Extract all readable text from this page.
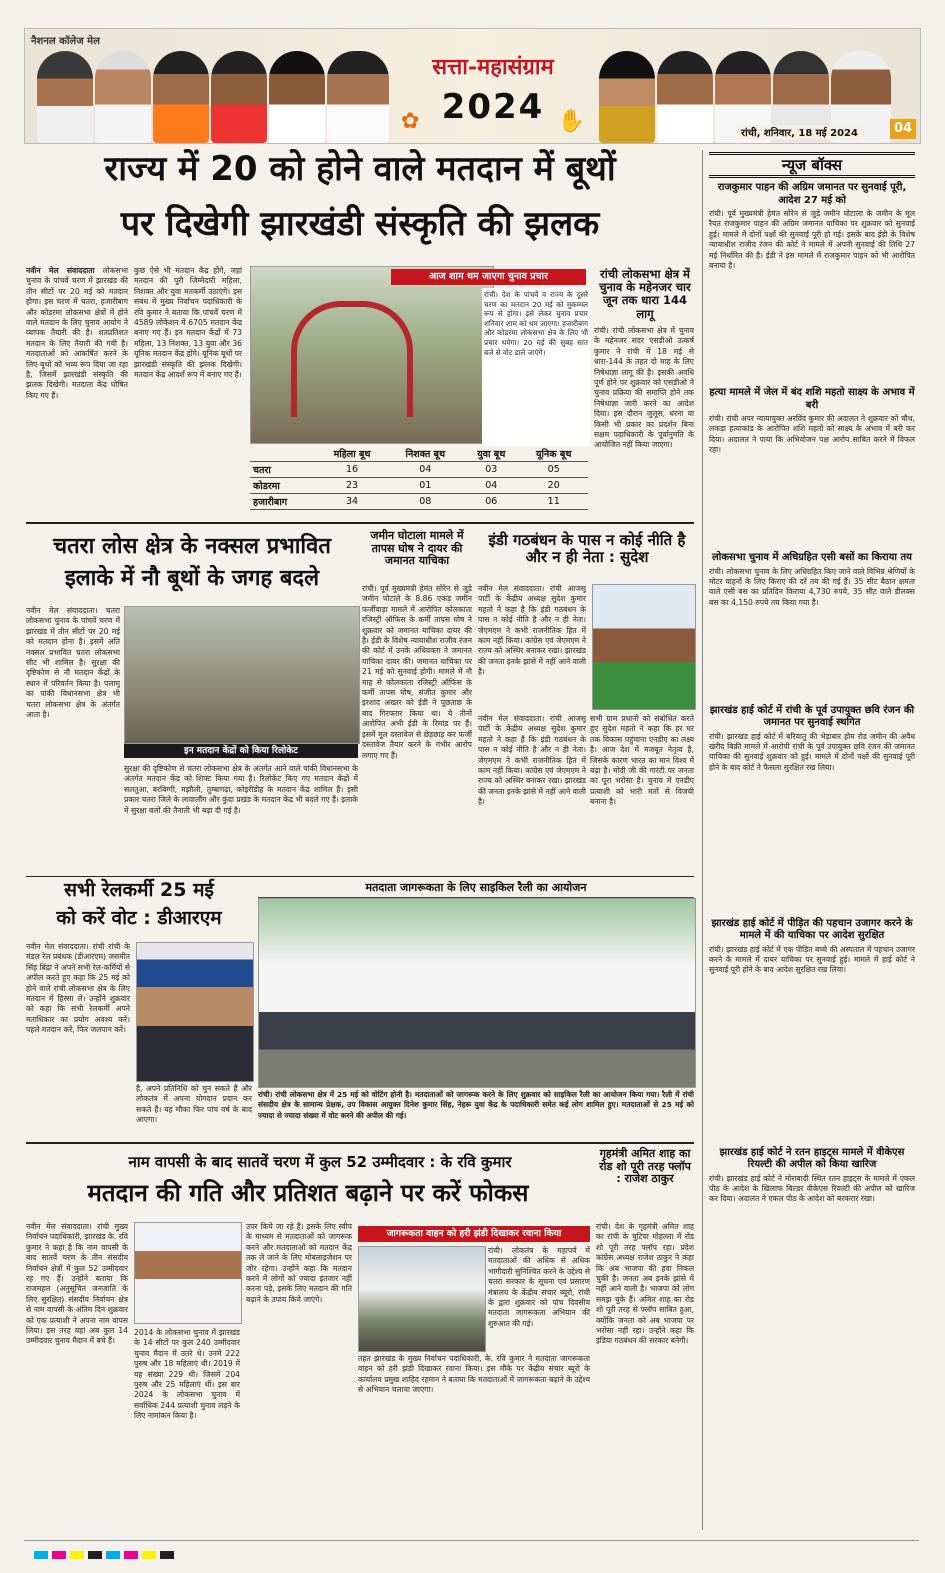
नैशनल कॉलेज मेल
सत्ता-महासंग्राम
2024
✿	✋	रांची, शनिवार, 18 मई 2024	04
राज्य में 20 को होने वाले मतदान में बूथों
पर दिखेगी झारखंडी संस्कृति की झलक
नवीन मेल संवाददाता लोकसभा चुनाव के पांचवें चरण में झारखंड की तीन सीटों पर 20 मई को मतदान होगा। इस चरण में चतरा, हजारीबाग और कोडरमा लोकसभा क्षेत्रों में होने वाले मतदान के लिए चुनाव आयोग ने व्यापक तैयारी की है। शतप्रतिशत मतदान के लिए तैयारी की गयी है। मतदाताओं को आकर्षित करने के लिए बूथों को भव्य रूप दिया जा रहा है, जिसमें झारखंडी संस्कृति की झलक दिखेगी। मतदाता केंद्र घोषित किए गए हैं।
कुछ ऐसे भी मतदान केंद्र होंगे, जहां मतदान की पूरी जिम्मेदारी महिला, निशक्त और युवा मतकर्मी उठाएंगे। इस संबंध में मुख्य निर्वाचन पदाधिकारी के रवि कुमार ने बताया कि पांचवें चरण में 4589 लोकेशन में 6705 मतदान केंद्र बनाए गए हैं। इन मतदान केंद्रों में 73 महिला, 13 निशक्त, 13 युवा और 36 यूनिक मतदान केंद्र होंगे। यूनिक बूथों पर झारखंडी संस्कृति की झलक दिखेगी। मतदान केंद्र आदर्श रूप में बनाए गए हैं।
आज शाम थम जाएगा चुनाव प्रचार
रांची। देश के पांचवें व राज्य के दूसरे चरण का मतदान 20 मई को मुकम्मल रूप से होगा। इसे लेकर चुनाव प्रचार शनिवार शाम को थम जाएगा। हजारीबाग और कोडरमा लोकसभा क्षेत्र के लिए भी प्रचार थमेगा। 20 मई की सुबह सात बजे से वोट डाले जाएंगे।
	महिला बूथ	निशक्त बूथ	युवा बूथ	यूनिक बूथ
चतरा	16	04	03	05
कोडरमा	23	01	04	20
हजारीबाग	34	08	06	11
रांची लोकसभा क्षेत्र में चुनाव के महेनजर चार जून तक धारा 144 लागू
रांची। रांची लोकसभा क्षेत्र में चुनाव के महेनजर सदर एसडीओ उत्कर्ष कुमार ने रांची में 18 मई से धारा-144 के तहत दो माह के लिए निषेधाज्ञा लागू की है। इसकी अवधि पूर्ण होने पर शुक्रवार को एसडीओ ने चुनाव प्रक्रिया की समाप्ति होने तक निषेधाज्ञा जारी करने का आदेश दिया। इस दौरान जुलूस, धरना या किसी भी प्रकार का प्रदर्शन बिना सक्षम पदाधिकारी के पूर्वानुमति के आयोजित नहीं किया जाएगा।
चतरा लोस क्षेत्र के नक्सल प्रभावित
इलाके में नौ बूथों के जगह बदले
नवीन मेल संवाददाता। चतरा लोकसभा चुनाव के पांचवें चरण में झारखंड में तीन सीटों पर 20 मई को मतदान होना है। इसमें अति नक्सल प्रभावित चतरा लोकसभा सीट भी शामिल है। सुरक्षा की दृष्टिकोण से नौ मतदान केंद्रों के स्थान में परिवर्तन किया है। पलामू का पांकी विधानसभा क्षेत्र भी चतरा लोकसभा क्षेत्र के अंतर्गत आता है।
इन मतदान केंद्रों को किया रिलोकेट
सुरक्षा की दृष्टिकोण से चतरा लोकसभा क्षेत्र के अंतर्गत आने वाले पांकी विधानसभा के अंतर्गत मतदान केंद्र को शिफ्ट किया गया है। रिलोकेट किए गए मतदान केंद्रों में सलतुआ, बरबिग्गी, मझौली, तुम्बागढ़ा, कोइरीडीह के मतदान केंद्र शामिल हैं। इसी प्रकार चतरा जिले के लावालौंग और कुंदा प्रखंड के मतदान केंद्र भी बदले गए हैं। इलाके में सुरक्षा बलों की तैनाती भी बढ़ा दी गई है।
जमीन घोटाला मामले में तापस घोष ने दायर की जमानत याचिका
रांची। पूर्व मुख्यमंत्री हेमंत सोरेन से जुड़े जमीन घोटाले के 8.86 एकड़ जमीन फर्जीवाड़ा मामले में आरोपित कोलकाता रजिस्ट्री ऑफिस के कर्मी तापस घोष ने शुक्रवार को जमानत याचिका दायर की है। ईडी के विशेष न्यायाधीश राजीव रंजन की कोर्ट में उनके अधिवक्ता ने जमानत याचिका दायर की। जमानत याचिका पर 21 मई को सुनवाई होगी। मामले में नौ माह से कोलकाता रजिस्ट्री ऑफिस के कर्मी तापस घोष, संजीत कुमार और इरशाद अख्तर को ईडी ने पूछताछ के बाद गिरफ्तार किया था। ये तीनों आरोपित अभी ईडी के रिमांड पर हैं। इसमें मूल दस्तावेज से छेड़छाड़ कर फर्जी दस्तावेज तैयार करने के गंभीर आरोप लगाए गए हैं।
इंडी गठबंधन के पास न कोई नीति है और न ही नेता : सुदेश
नवीन मेल संवाददाता। रांची आजसू पार्टी के केंद्रीय अध्यक्ष सुदेश कुमार महतो ने कहा है कि इंडी गठबंधन के पास न कोई नीति है और न ही नेता। जेएमएम ने कभी राजनीतिक हित में काम नहीं किया। कांग्रेस एवं जेएमएम ने राज्य को अस्थिर बनाकर रखा। झारखंड की जनता इनके झांसे में नहीं आने वाली है।
सभी ग्राम प्रधानों को संबोधित करते हुए सुदेश महतो ने कहा कि हर घर तक विकास पहुंचाना एनडीए का लक्ष्य है। आज देश में मजबूत नेतृत्व है, जिसके कारण भारत का मान विश्व में बढ़ा है। मोदी जी की गारंटी पर जनता का पूरा भरोसा है। चुनाव में एनडीए प्रत्याशी को भारी मतों से विजयी बनाना है।
नवीन मेल संवाददाता। रांची आजसू पार्टी के केंद्रीय अध्यक्ष सुदेश कुमार महतो ने कहा है कि इंडी गठबंधन के पास न कोई नीति है और न ही नेता। जेएमएम ने कभी राजनीतिक हित में काम नहीं किया। कांग्रेस एवं जेएमएम ने राज्य को अस्थिर बनाकर रखा। झारखंड की जनता इनके झांसे में नहीं आने वाली है।
सभी रेलकर्मी 25 मई
को करें वोट : डीआरएम
नवीन मेल संवाददाता। रांची रांची के मंडल रेल प्रबंधक (डीआरएम) जसमीत सिंह बिंद्रा ने अपने सभी रेल-कर्मियों से अपील करते हुए कहा कि 25 मई को होने वाले रांची लोकसभा क्षेत्र के लिए मतदान में हिस्सा लें। उन्होंने शुक्रवार को कहा कि सभी रेलकर्मी अपने मताधिकार का प्रयोग अवश्य करें। पहले मतदान करें, फिर जलपान करें।
है, अपने प्रतिनिधि को चुन सकते हैं और लोकतंत्र में अपना योगदान प्रदान कर सकते हैं। यह मौका फिर पांच वर्ष के बाद आएगा।
मतदाता जागरूकता के लिए साइकिल रैली का आयोजन
रांची। रांची लोकसभा क्षेत्र में 25 मई को वोटिंग होनी है। मतदाताओं को जागरूक करने के लिए शुक्रवार को साइकिल रैली का आयोजन किया गया। रैली में रांची संसदीय क्षेत्र के सामान्य प्रेक्षक, उप विकास आयुक्त दिनेश कुमार सिंह, नेहरू युवा केंद्र के पदाधिकारी समेत कई लोग शामिल हुए। मतदाताओं से 25 मई को ज्यादा से ज्यादा संख्या में वोट करने की अपील की गई।
नाम वापसी के बाद सातवें चरण में कुल 52 उम्मीदवार : के रवि कुमार
मतदान की गति और प्रतिशत बढ़ाने पर करें फोकस
नवीन मेल संवाददाता। रांची मुख्य निर्वाचन पदाधिकारी, झारखंड के. रवि कुमार ने कहा है कि नाम वापसी के बाद सातवें चरण के तीन संसदीय निर्वाचन क्षेत्रों में कुल 52 उम्मीदवार रह गए हैं। उन्होंने बताया कि राजमहल (अनुसूचित जनजाति के लिए सुरक्षित) संसदीय निर्वाचन क्षेत्र से नाम वापसी के अंतिम दिन शुक्रवार को एक प्रत्याशी ने अपना नाम वापस लिया। इस तरह यहां अब कुल 14 उम्मीदवार चुनाव मैदान में बचे हैं।
2014 के लोकसभा चुनाव में झारखंड के 14 सीटों पर कुल 240 उम्मीदवार चुनाव मैदान में उतरे थे। उनमें 222 पुरुष और 18 महिलाएं थी। 2019 में यह संख्या 229 थी। जिसमें 204 पुरुष और 25 महिलाएं थीं। इस बार 2024 के लोकसभा चुनाव में सर्वाधिक 244 प्रत्याशी चुनाव लड़ने के लिए नामांकन किया है।
उपर किये जा रहे हैं। इसके लिए स्वीप के माध्यम से मतदाताओं को जागरूक करने और मतदाताओं को मतदान केंद्र तक ले जाने के लिए मोबलाइजेशन पर जोर रहेगा। उन्होंने कहा कि मतदान करने में लोगों को ज्यादा इंतजार नहीं करना पड़े, इसके लिए मतदान की गति बढ़ाने के उपाय किये जाएंगे।
जागरूकता वाहन को हरी झंडी दिखाकर रवाना किया
रांची। लोकतंत्र के महापर्व में मतदाताओं की अधिक से अधिक भागीदारी सुनिश्चित करने के उद्देश्य से चतरा सरकार के सूचना एवं प्रसारण मंत्रालय के केंद्रीय संचार ब्यूरो, रांची के द्वारा शुक्रवार को पांच दिवसीय मतदाता जागरूकता अभियान की शुरुआत की गई।
तहत झारखंड के मुख्य निर्वाचन पदाधिकारी, के. रवि कुमार ने मतदाता जागरूकता वाहन को हरी झंडी दिखाकर रवाना किया। इस मौके पर केंद्रीय संचार ब्यूरो के कार्यालय प्रमुख शाहिद रहमान ने बताया कि मतदाताओं में जागरूकता बढ़ाने के उद्देश्य से अभियान चलाया जाएगा।
गृहमंत्री अमित शाह का रोड शो पूरी तरह फ्लॉप : राजेश ठाकुर
रांची। देश के गृहमंत्री अमित शाह का रांची के चुटिया मोहल्ला में रोड शो पूरी तरह फ्लॉप रहा। प्रदेश कांग्रेस अध्यक्ष राजेश ठाकुर ने कहा कि अब भाजपा की हवा निकल चुकी है। जनता अब इनके झांसे में नहीं आने वाली है। भाजपा को लोग समझ चुके हैं। अमित शाह का रोड शो पूरी तरह से फ्लॉप साबित हुआ, क्योंकि जनता को अब भाजपा पर भरोसा नहीं रहा। उन्होंने कहा कि इंडिया गठबंधन की सरकार बनेगी।
न्यूज बॉक्स
राजकुमार पाहन की अग्रिम जमानत पर सुनवाई पूरी, आदेश 27 मई को
रांची। पूर्व मुख्यमंत्री हेमंत सोरेन से जुड़े जमीन घोटाला के जमीन के मूल रैयत राजकुमार पाहन की अग्रिम जमानत याचिका पर शुक्रवार को सुनवाई हुई। मामले में दोनों पक्षों की सुनवाई पूरी हो गई। इसके बाद ईडी के विशेष न्यायाधीश राजीव रंजन की कोर्ट ने मामले में अपनी सुनवाई की तिथि 27 मई निर्धारित की है। ईडी ने इस मामले में राजकुमार पाहन को भी आरोपित बनाया है।
हत्या मामले में जेल में बंद शशि महतो साक्ष्य के अभाव में बरी
रांची। रांची अपर न्यायायुक्त अरविंद कुमार की अदालत ने शुक्रवार को चौथ, लकड़ा हत्याकांड के आरोपित शशि महतो को साक्ष्य के अभाव में बरी कर दिया। अदालत ने पाया कि अभियोजन पक्ष आरोप साबित करने में विफल रहा।
लोकसभा चुनाव में अधिग्रहित एसी बसों का किराया तय
रांची। लोकसभा चुनाव के लिए अधिग्रहित किए जाने वाले विभिन्न श्रेणियों के मोटर वाहनों के लिए किराए की दरें तय की गई हैं। 35 सीट बैठान क्षमता वाले एसी बस का प्रतिदिन किराया 4,730 रुपये, 35 सीट वाले डीलक्स बस का 4,150 रुपये तय किया गया है।
झारखंड हाई कोर्ट में रांची के पूर्व उपायुक्त छवि रंजन की जमानत पर सुनवाई स्थगित
रांची। झारखंड हाई कोर्ट में बरियातु की भेड़ाबार होम रोड जमीन की अवैध खरीद बिक्री मामले में आरोपी रांची के पूर्व उपायुक्त छवि रंजन की जमानत याचिका की सुनवाई शुक्रवार को हुई। मामले में दोनों पक्षों की सुनवाई पूरी होने के बाद कोर्ट ने फैसला सुरक्षित रख लिया।
झारखंड हाई कोर्ट में पीड़ित की पहचान उजागर करने के मामले में की याचिका पर आदेश सुरक्षित
रांची। झारखंड हाई कोर्ट में एक पीड़ित बच्चे की अस्पताल में पहचान उजागर करने के मामले में दायर याचिका पर सुनवाई हुई। मामले में हाई कोर्ट ने सुनवाई पूरी होने के बाद आदेश सुरक्षित रख लिया।
झारखंड हाई कोर्ट ने रतन हाइट्स मामले में वीकेएस रियल्टी की अपील को किया खारिज
रांची। झारखंड हाई कोर्ट ने मोराबादी स्थित रतन हाइट्स के मामले में एकल पीठ के आदेश के खिलाफ बिल्डर वीकेएस रियल्टी की अपील को खारिज कर दिया। अदालत ने एकल पीठ के आदेश को बरकरार रखा।
